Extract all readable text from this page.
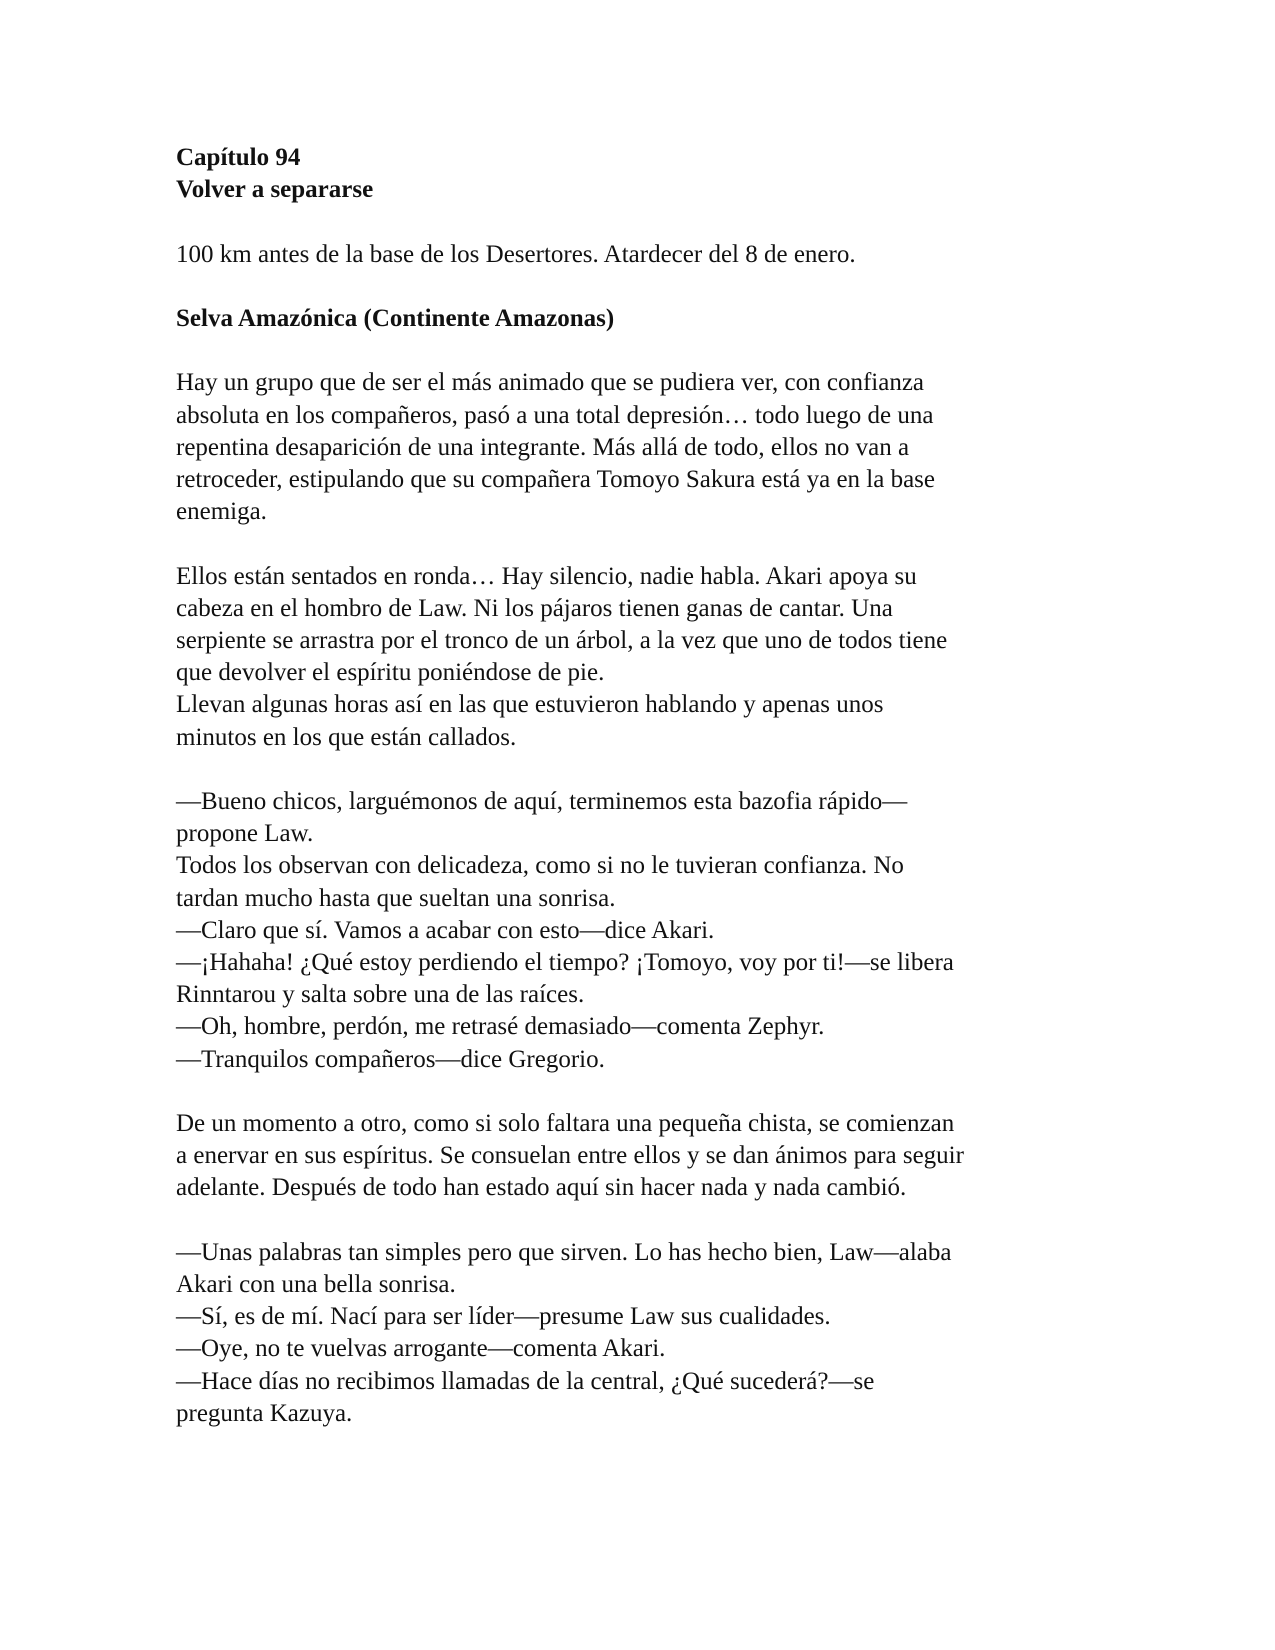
Capítulo 94
Volver a separarse
100 km antes de la base de los Desertores. Atardecer del 8 de enero.
Selva Amazónica (Continente Amazonas)
Hay un grupo que de ser el más animado que se pudiera ver, con confianza
absoluta en los compañeros, pasó a una total depresión… todo luego de una
repentina desaparición de una integrante. Más allá de todo, ellos no van a
retroceder, estipulando que su compañera Tomoyo Sakura está ya en la base
enemiga.
Ellos están sentados en ronda… Hay silencio, nadie habla. Akari apoya su
cabeza en el hombro de Law. Ni los pájaros tienen ganas de cantar. Una
serpiente se arrastra por el tronco de un árbol, a la vez que uno de todos tiene
que devolver el espíritu poniéndose de pie.
Llevan algunas horas así en las que estuvieron hablando y apenas unos
minutos en los que están callados.
—Bueno chicos, larguémonos de aquí, terminemos esta bazofia rápido—
propone Law.
Todos los observan con delicadeza, como si no le tuvieran confianza. No
tardan mucho hasta que sueltan una sonrisa.
—Claro que sí. Vamos a acabar con esto—dice Akari.
—¡Hahaha! ¿Qué estoy perdiendo el tiempo? ¡Tomoyo, voy por ti!—se libera
Rinntarou y salta sobre una de las raíces.
—Oh, hombre, perdón, me retrasé demasiado—comenta Zephyr.
—Tranquilos compañeros—dice Gregorio.
De un momento a otro, como si solo faltara una pequeña chista, se comienzan
a enervar en sus espíritus. Se consuelan entre ellos y se dan ánimos para seguir
adelante. Después de todo han estado aquí sin hacer nada y nada cambió.
—Unas palabras tan simples pero que sirven. Lo has hecho bien, Law—alaba
Akari con una bella sonrisa.
—Sí, es de mí. Nací para ser líder—presume Law sus cualidades.
—Oye, no te vuelvas arrogante—comenta Akari.
—Hace días no recibimos llamadas de la central, ¿Qué sucederá?—se
pregunta Kazuya.
